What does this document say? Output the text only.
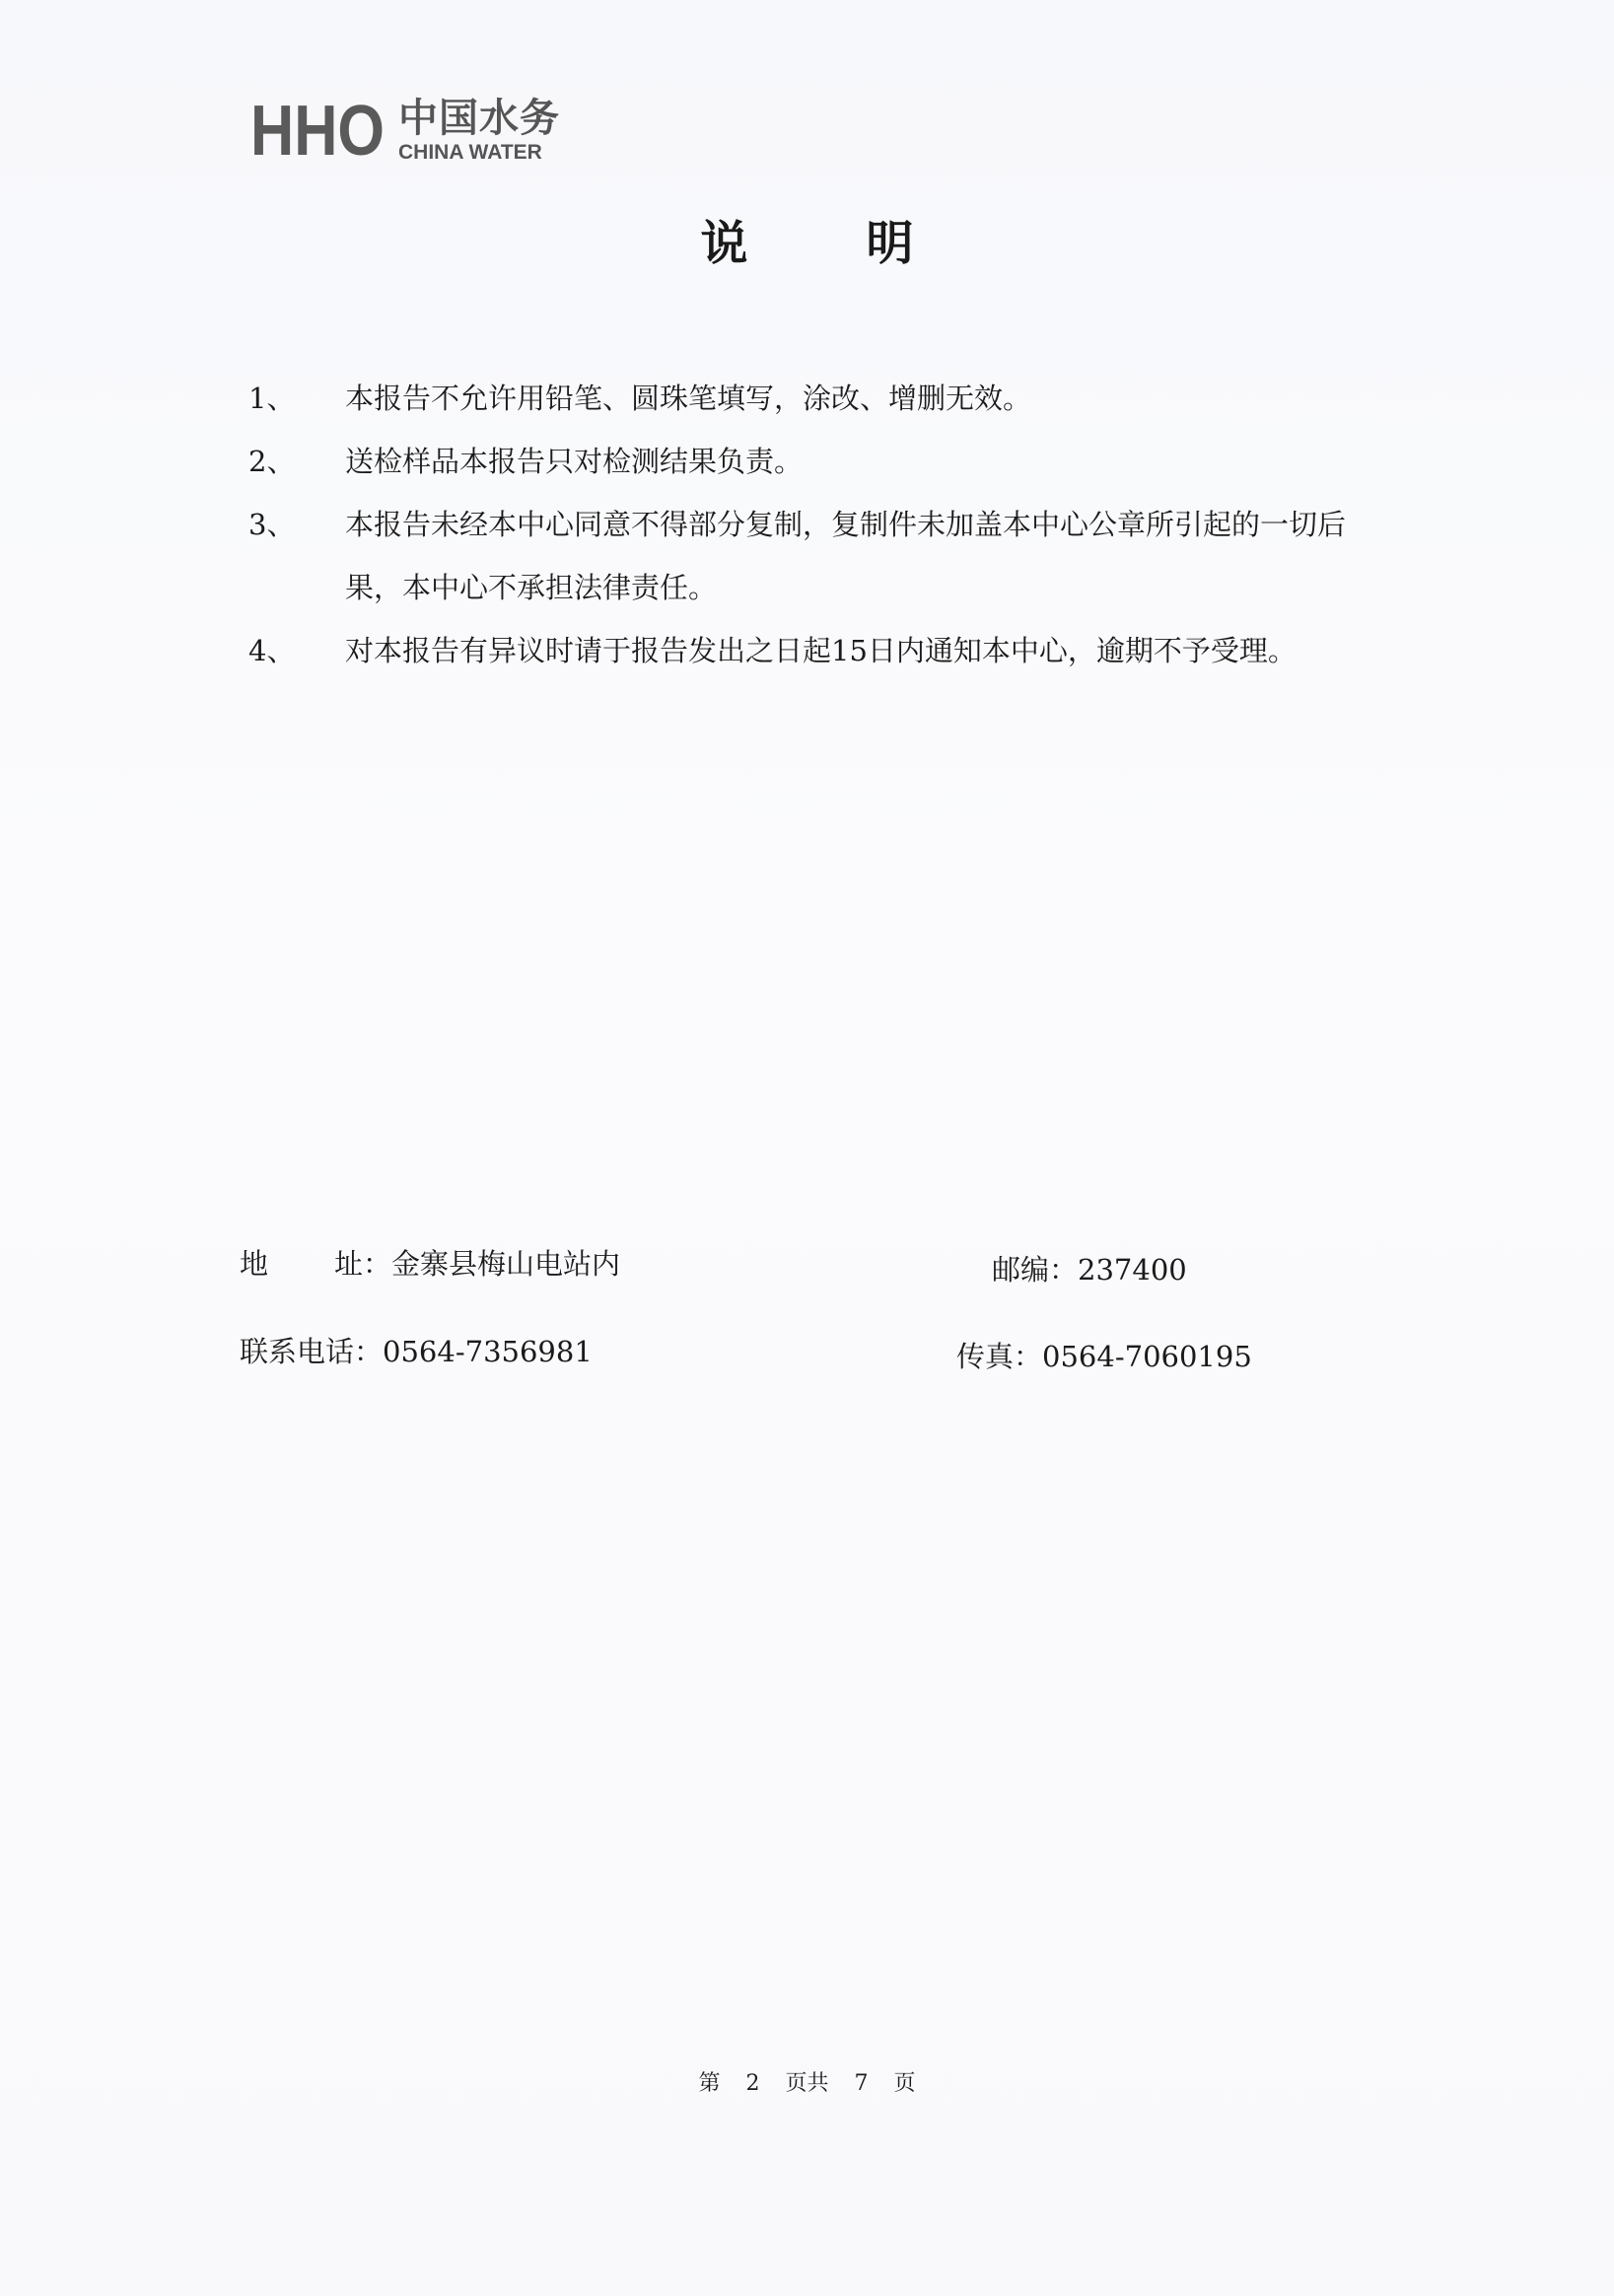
HHO 中国水务
CHINA WATER
说明
1、	本报告不允许用铅笔、圆珠笔填写，涂改、增删无效。
2、	送检样品本报告只对检测结果负责。
3、	本报告未经本中心同意不得部分复制，复制件未加盖本中心公章所引起的一切后果，本中心不承担法律责任。
4、	对本报告有异议时请于报告发出之日起15日内通知本中心，逾期不予受理。
地 址：金寨县梅山电站内	邮编：237400
联系电话：0564-7356981	传真：0564-7060195
第 2 页共 7 页
